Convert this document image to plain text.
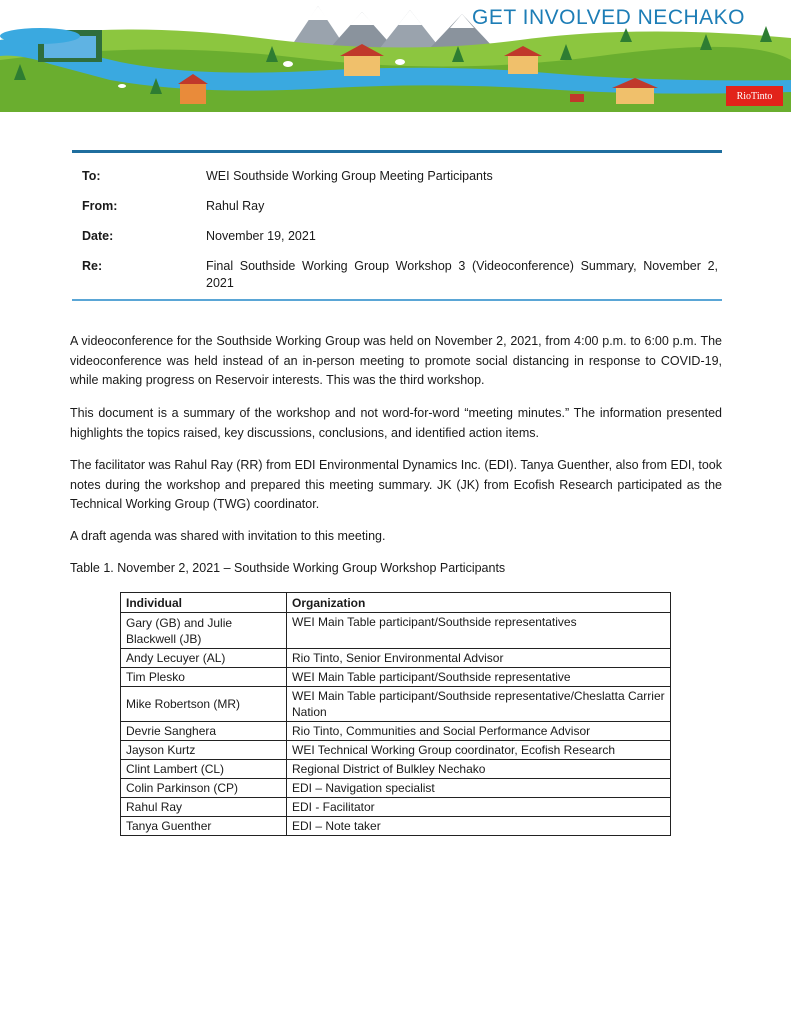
GET INVOLVED NECHAKO
RioTinto
To:	WEI Southside Working Group Meeting Participants
From:	Rahul Ray
Date:	November 19, 2021
Re:	Final Southside Working Group Workshop 3 (Videoconference) Summary, November 2, 2021

A videoconference for the Southside Working Group was held on November 2, 2021, from 4:00 p.m. to 6:00 p.m. The videoconference was held instead of an in-person meeting to promote social distancing in response to COVID-19, while making progress on Reservoir interests. This was the third workshop.

This document is a summary of the workshop and not word-for-word “meeting minutes.” The information presented highlights the topics raised, key discussions, conclusions, and identified action items.

The facilitator was Rahul Ray (RR) from EDI Environmental Dynamics Inc. (EDI). Tanya Guenther, also from EDI, took notes during the workshop and prepared this meeting summary. JK (JK) from Ecofish Research participated as the Technical Working Group (TWG) coordinator.

A draft agenda was shared with invitation to this meeting.

Table 1. November 2, 2021 – Southside Working Group Workshop Participants

Individual	Organization
Gary (GB) and Julie Blackwell (JB)	WEI Main Table participant/Southside representatives
Andy Lecuyer (AL)	Rio Tinto, Senior Environmental Advisor
Tim Plesko	WEI Main Table participant/Southside representative
Mike Robertson (MR)	WEI Main Table participant/Southside representative/Cheslatta Carrier Nation
Devrie Sanghera	Rio Tinto, Communities and Social Performance Advisor
Jayson Kurtz	WEI Technical Working Group coordinator, Ecofish Research
Clint Lambert (CL)	Regional District of Bulkley Nechako
Colin Parkinson (CP)	EDI – Navigation specialist
Rahul Ray	EDI - Facilitator
Tanya Guenther	EDI – Note taker
